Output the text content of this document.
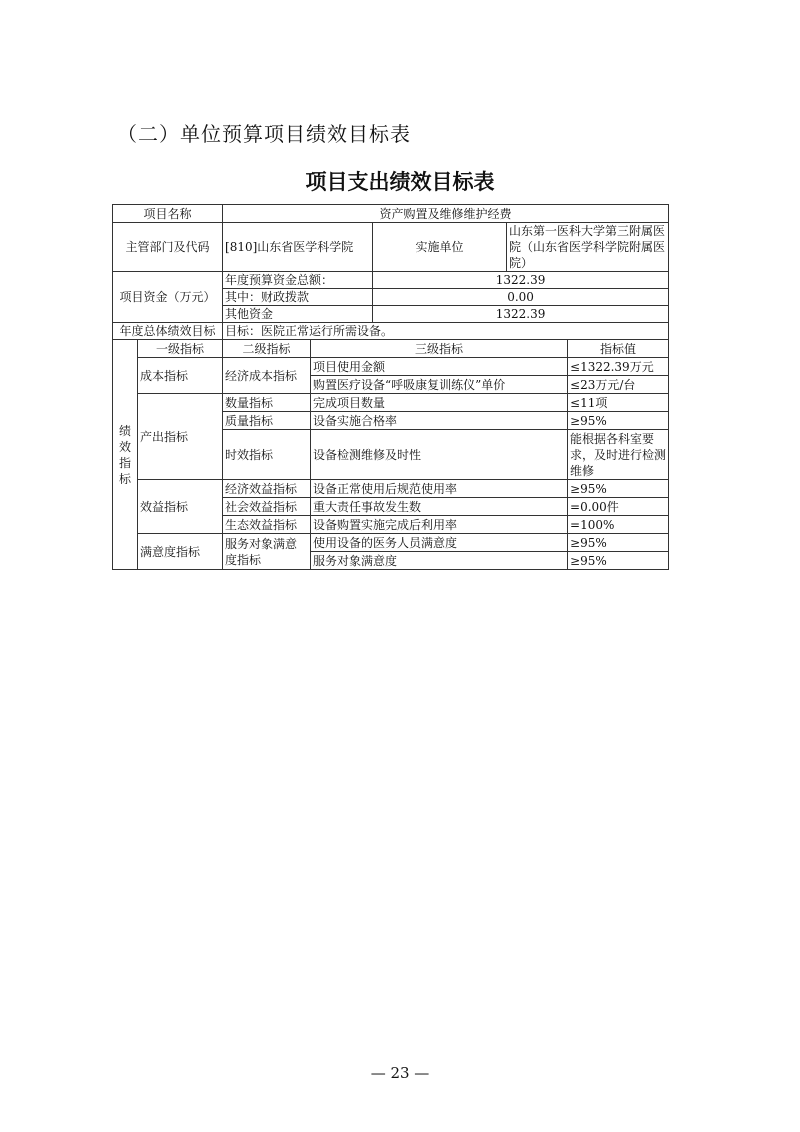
（二）单位预算项目绩效目标表
项目支出绩效目标表
项目名称		资产购置及维修维护经费				
主管部门及代码		[810]山东省医学科学院		实施单位	山东第一医科大学第三附属医院（山东省医学科学院附属医院）	
项目资金（万元）		年度预算资金总额：		1322.39		
		其中：财政拨款		0.00		
		其他资金		1322.39		
年度总体绩效目标		目标：医院正常运行所需设备。				
绩
效
指
标	一级指标	二级指标	三级指标			指标值
	成本指标	经济成本指标	项目使用金额			≤1322.39万元
			购置医疗设备“呼吸康复训练仪”单价			≤23万元/台
	产出指标	数量指标	完成项目数量			≤11项
		质量指标	设备实施合格率			≥95%
		时效指标	设备检测维修及时性			能根据各科室要求，及时进行检测维修
	效益指标	经济效益指标	设备正常使用后规范使用率			≥95%
		社会效益指标	重大责任事故发生数			=0.00件
		生态效益指标	设备购置实施完成后利用率			=100%
	满意度指标	服务对象满意度指标	使用设备的医务人员满意度			≥95%
			服务对象满意度			≥95%
— 23 —
